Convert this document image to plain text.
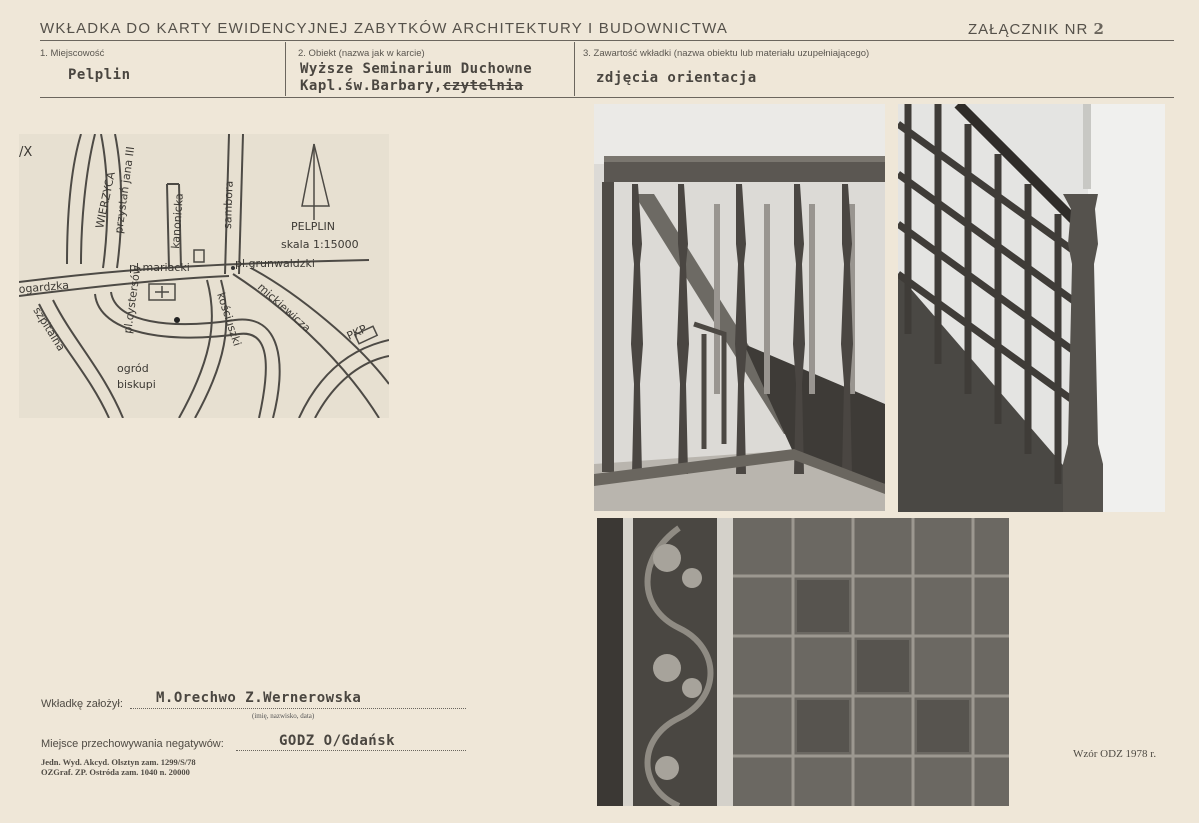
WKŁADKA DO KARTY EWIDENCYJNEJ ZABYTKÓW ARCHITEKTURY I BUDOWNICTWA	ZAŁĄCZNIK NR 2
1. Miejscowość
Pelplin
2. Obiekt (nazwa jak w karcie)
Wyższe Seminarium Duchowne
Kapl.św.Barbary,czytelnia
3. Zawartość wkładki (nazwa obiektu lub materiału uzupełniającego)
zdjęcia orientacja
/X
PELPLIN
skala 1:15000
pl.mariacki	pl.grunwaldzki
ogardzka
WIERZYCA
przystań jana III	kanonicka	sambora
pl.cystersów	kościuszki mickiewicza
szpitalna
ogród
biskupi
PKP
Wkładkę założył: M.Orechwo Z.Wernerowska
(imię, nazwisko, data)
Miejsce przechowywania negatywów:	GODZ O/Gdańsk
Jedn. Wyd. Akcyd. Olsztyn zam. 1299/S/78
OZGraf. ZP. Ostróda zam. 1040 n. 20000
Wzór ODZ 1978 r.
